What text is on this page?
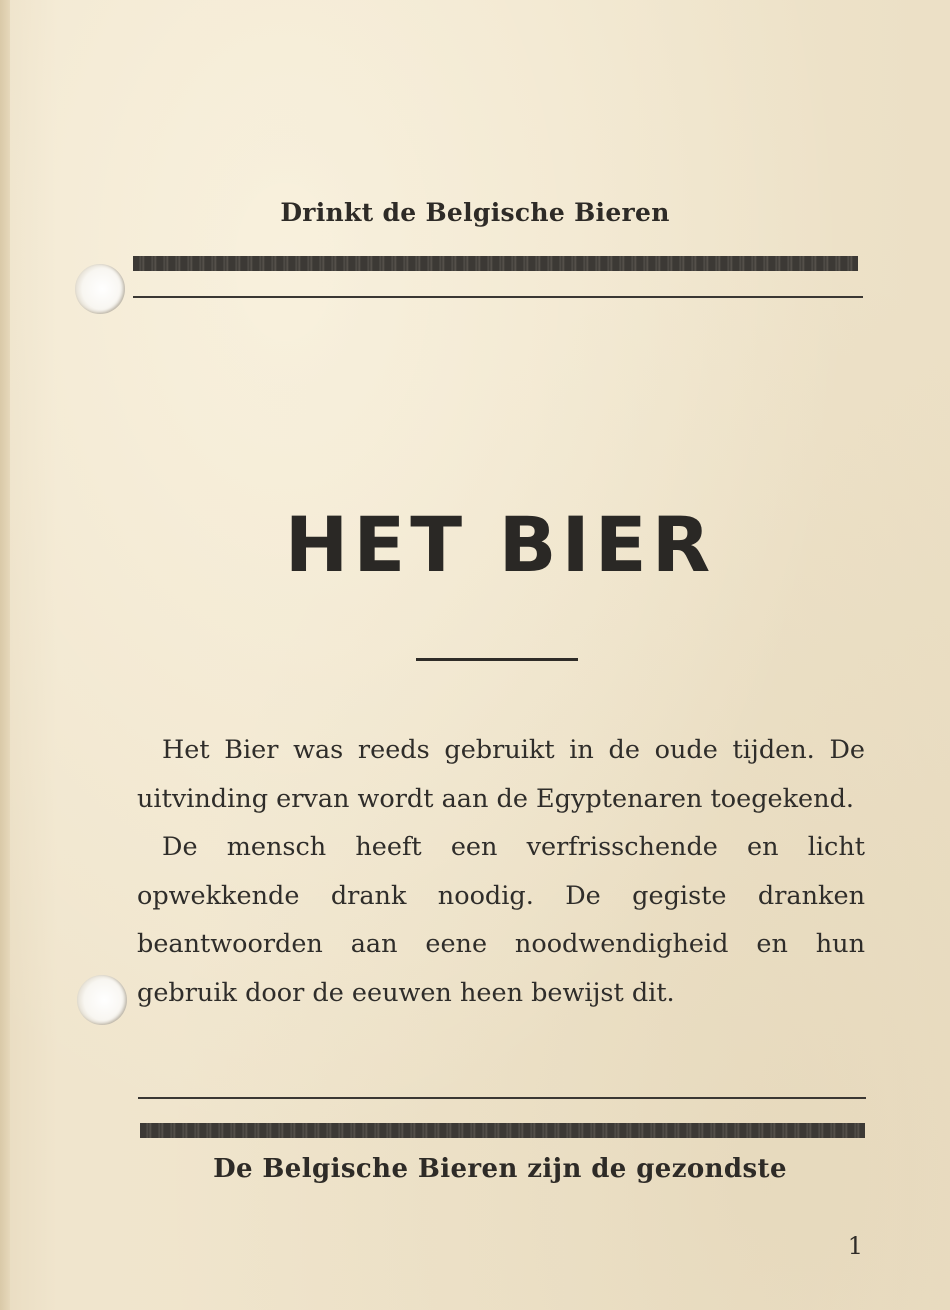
Drinkt de Belgische Bieren
HET BIER

Het Bier was reeds gebruikt in de oude tijden. De uitvinding ervan wordt aan de Egyptenaren toegekend.

De mensch heeft een verfrisschende en licht opwekkende drank noodig. De gegiste dranken beantwoorden aan eene noodwendigheid en hun gebruik door de eeuwen heen bewijst dit.

De Belgische Bieren zijn de gezondste
1
